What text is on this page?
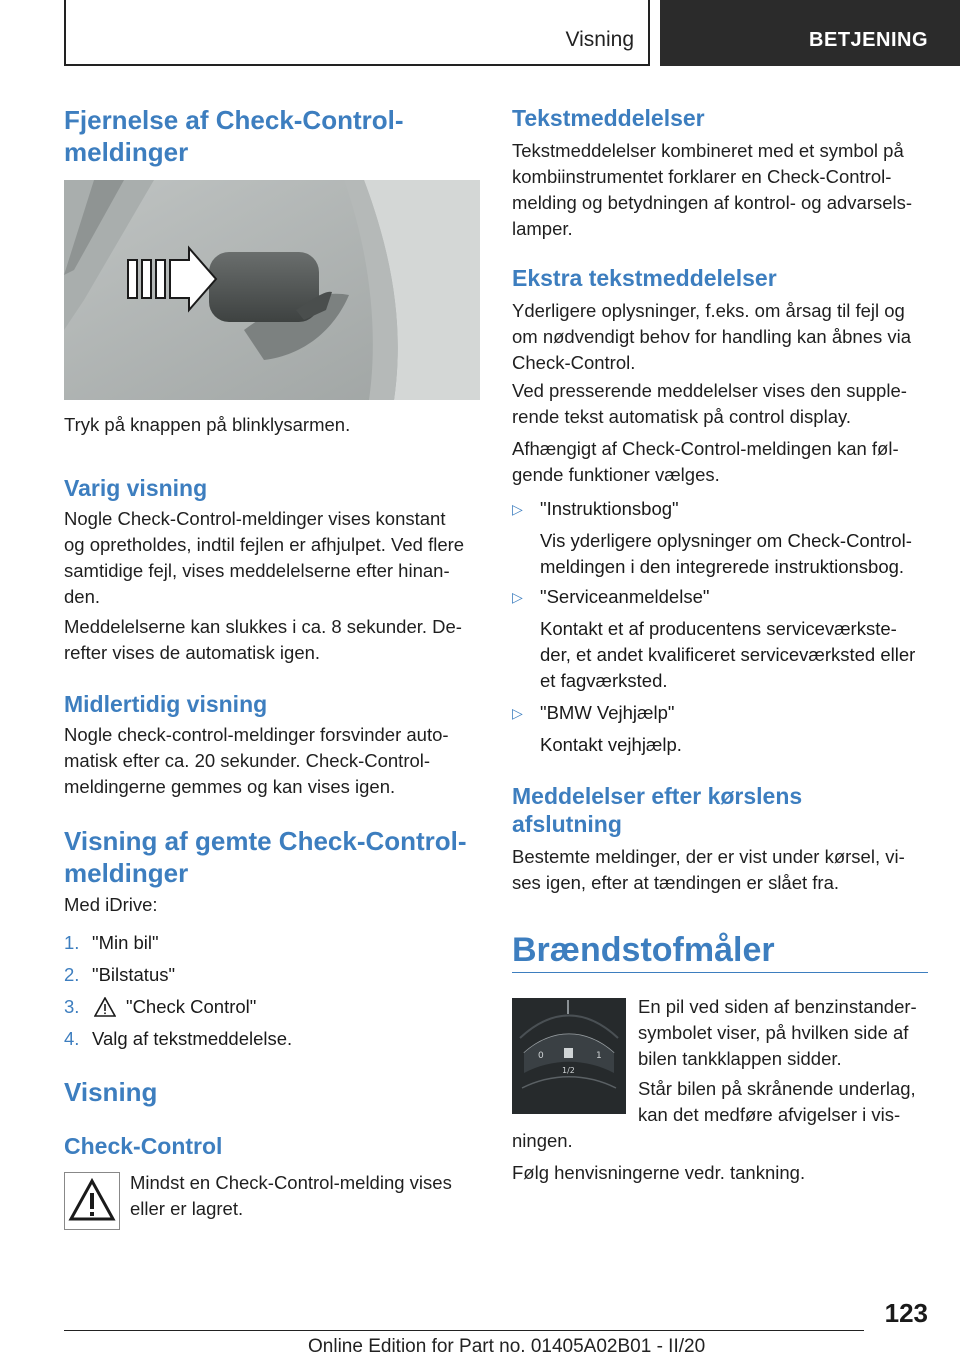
Visning	BETJENING
Fjernelse af Check-Control-
meldinger
Tryk på knappen på blinklysarmen.
Varig visning
Nogle Check-Control-meldinger vises konstant
og opretholdes, indtil fejlen er afhjulpet. Ved flere
samtidige fejl, vises meddelelserne efter hinan-
den.
Meddelelserne kan slukkes i ca. 8 sekunder. De-
refter vises de automatisk igen.
Midlertidig visning
Nogle check-control-meldinger forsvinder auto-
matisk efter ca. 20 sekunder. Check-Control-
meldingerne gemmes og kan vises igen.
Visning af gemte Check-Control-
meldinger
Med iDrive:
1. "Min bil"
2. "Bilstatus"
3.	"Check Control"
4. Valg af tekstmeddelelse.
Visning
Check-Control
Mindst en Check-Control-melding vises
eller er lagret.
Tekstmeddelelser
Tekstmeddelelser kombineret med et symbol på
kombiinstrumentet forklarer en Check-Control-
melding og betydningen af kontrol- og advarsels-
lamper.
Ekstra tekstmeddelelser
Yderligere oplysninger, f.eks. om årsag til fejl og
om nødvendigt behov for handling kan åbnes via
Check-Control.
Ved presserende meddelelser vises den supple-
rende tekst automatisk på control display.
Afhængigt af Check-Control-meldingen kan føl-
gende funktioner vælges.
▷ "Instruktionsbog"
Vis yderligere oplysninger om Check-Control-
meldingen i den integrerede instruktionsbog.
▷ "Serviceanmeldelse"
Kontakt et af producentens serviceværkste-
der, et andet kvalificeret serviceværksted eller
et fagværksted.
▷ "BMW Vejhjælp"
Kontakt vejhjælp.
Meddelelser efter kørslens
afslutning
Bestemte meldinger, der er vist under kørsel, vi-
ses igen, efter at tændingen er slået fra.
Brændstofmåler
0	1
1/2
En pil ved siden af benzinstander-
symbolet viser, på hvilken side af
bilen tankklappen sidder.
Står bilen på skrånende underlag,
kan det medføre afvigelser i vis-
ningen.
Følg henvisningerne vedr. tankning.
123
Online Edition for Part no. 01405A02B01 - II/20
